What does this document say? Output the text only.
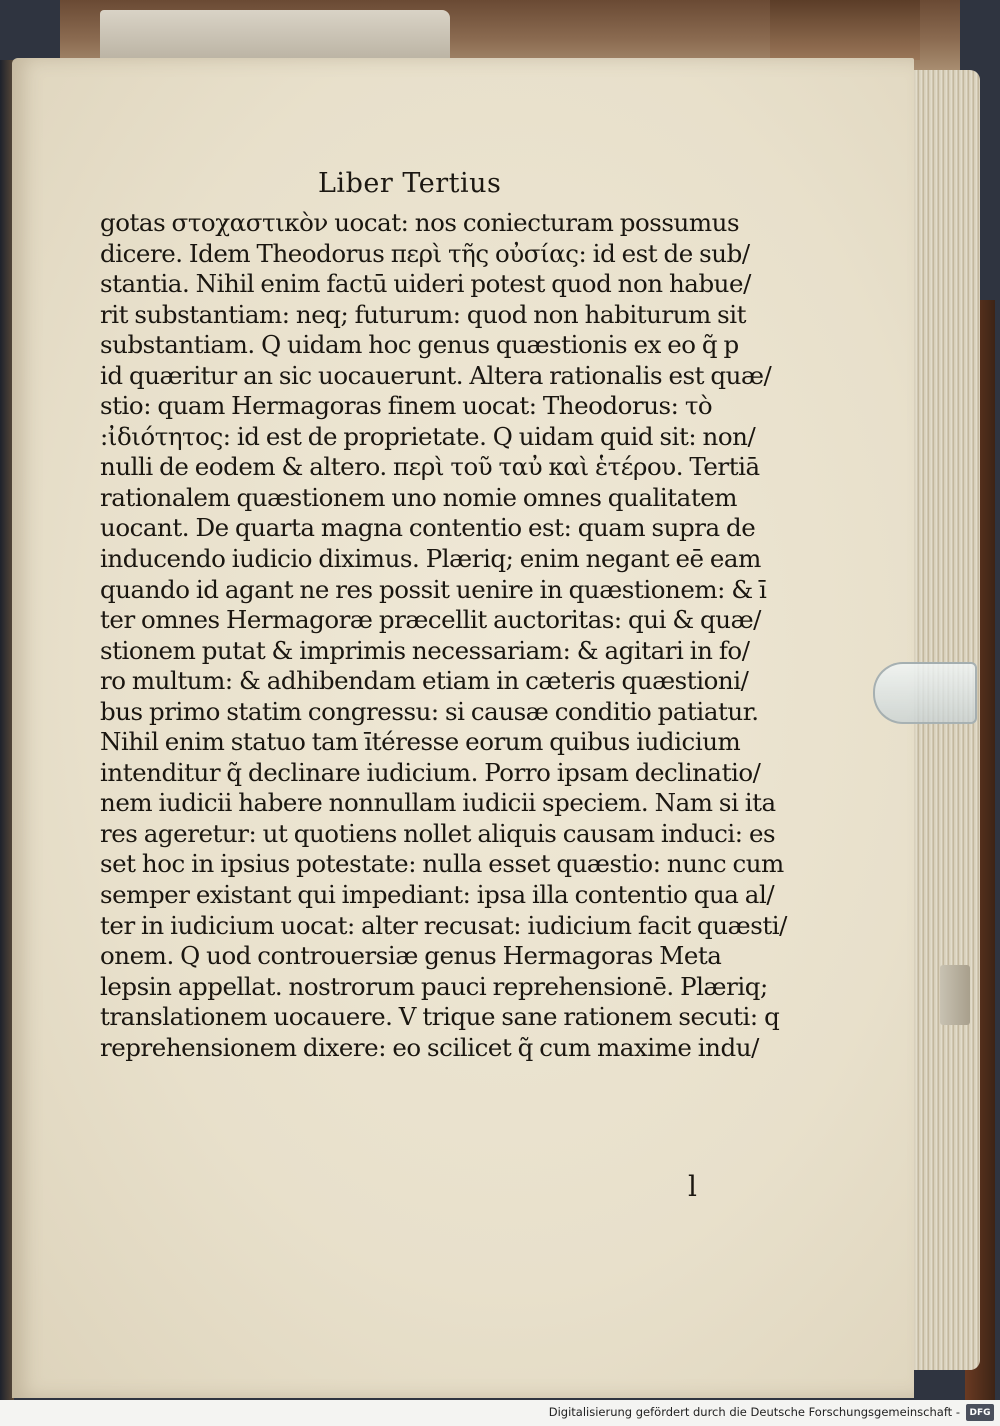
Liber Tertius
gotas στοχαστικὸν uocat: nos coniecturam possumus
dicere. Idem Theodorus περὶ τῆς οὐσίας: id est de sub/
stantia. Nihil enim factū uideri potest quod non habue/
rit substantiam: neq; futurum: quod non habiturum sit
substantiam. Q uidam hoc genus quæstionis ex eo q̃ p
id quæritur an sic uocauerunt. Altera rationalis est quæ/
stio: quam Hermagoras finem uocat: Theodorus: τὸ
:ἰδιότητος: id est de proprietate. Q uidam quid sit: non/
nulli de eodem & altero. περὶ τοῦ ταὐ καὶ ἑτέρου. Tertiā
rationalem quæstionem uno nomie omnes qualitatem
uocant. De quarta magna contentio est: quam supra de
inducendo iudicio diximus. Plæriq; enim negant eē eam
quando id agant ne res possit uenire in quæstionem: & ī
ter omnes Hermagoræ præcellit auctoritas: qui & quæ/
stionem putat & imprimis necessariam: & agitari in fo/
ro multum: & adhibendam etiam in cæteris quæstioni/
bus primo statim congressu: si causæ conditio patiatur.
Nihil enim statuo tam ītéresse eorum quibus iudicium
intenditur q̃ declinare iudicium. Porro ipsam declinatio/
nem iudicii habere nonnullam iudicii speciem. Nam si ita
res ageretur: ut quotiens nollet aliquis causam induci: es
set hoc in ipsius potestate: nulla esset quæstio: nunc cum
semper existant qui impediant: ipsa illa contentio qua al/
ter in iudicium uocat: alter recusat: iudicium facit quæsti/
onem. Q uod controuersiæ genus Hermagoras Meta
lepsin appellat. nostrorum pauci reprehensionē. Plæriq;
translationem uocauere. V trique sane rationem secuti: q
reprehensionem dixere: eo scilicet q̃ cum maxime indu/
l
Digitalisierung gefördert durch die Deutsche Forschungsgemeinschaft -	DFG
